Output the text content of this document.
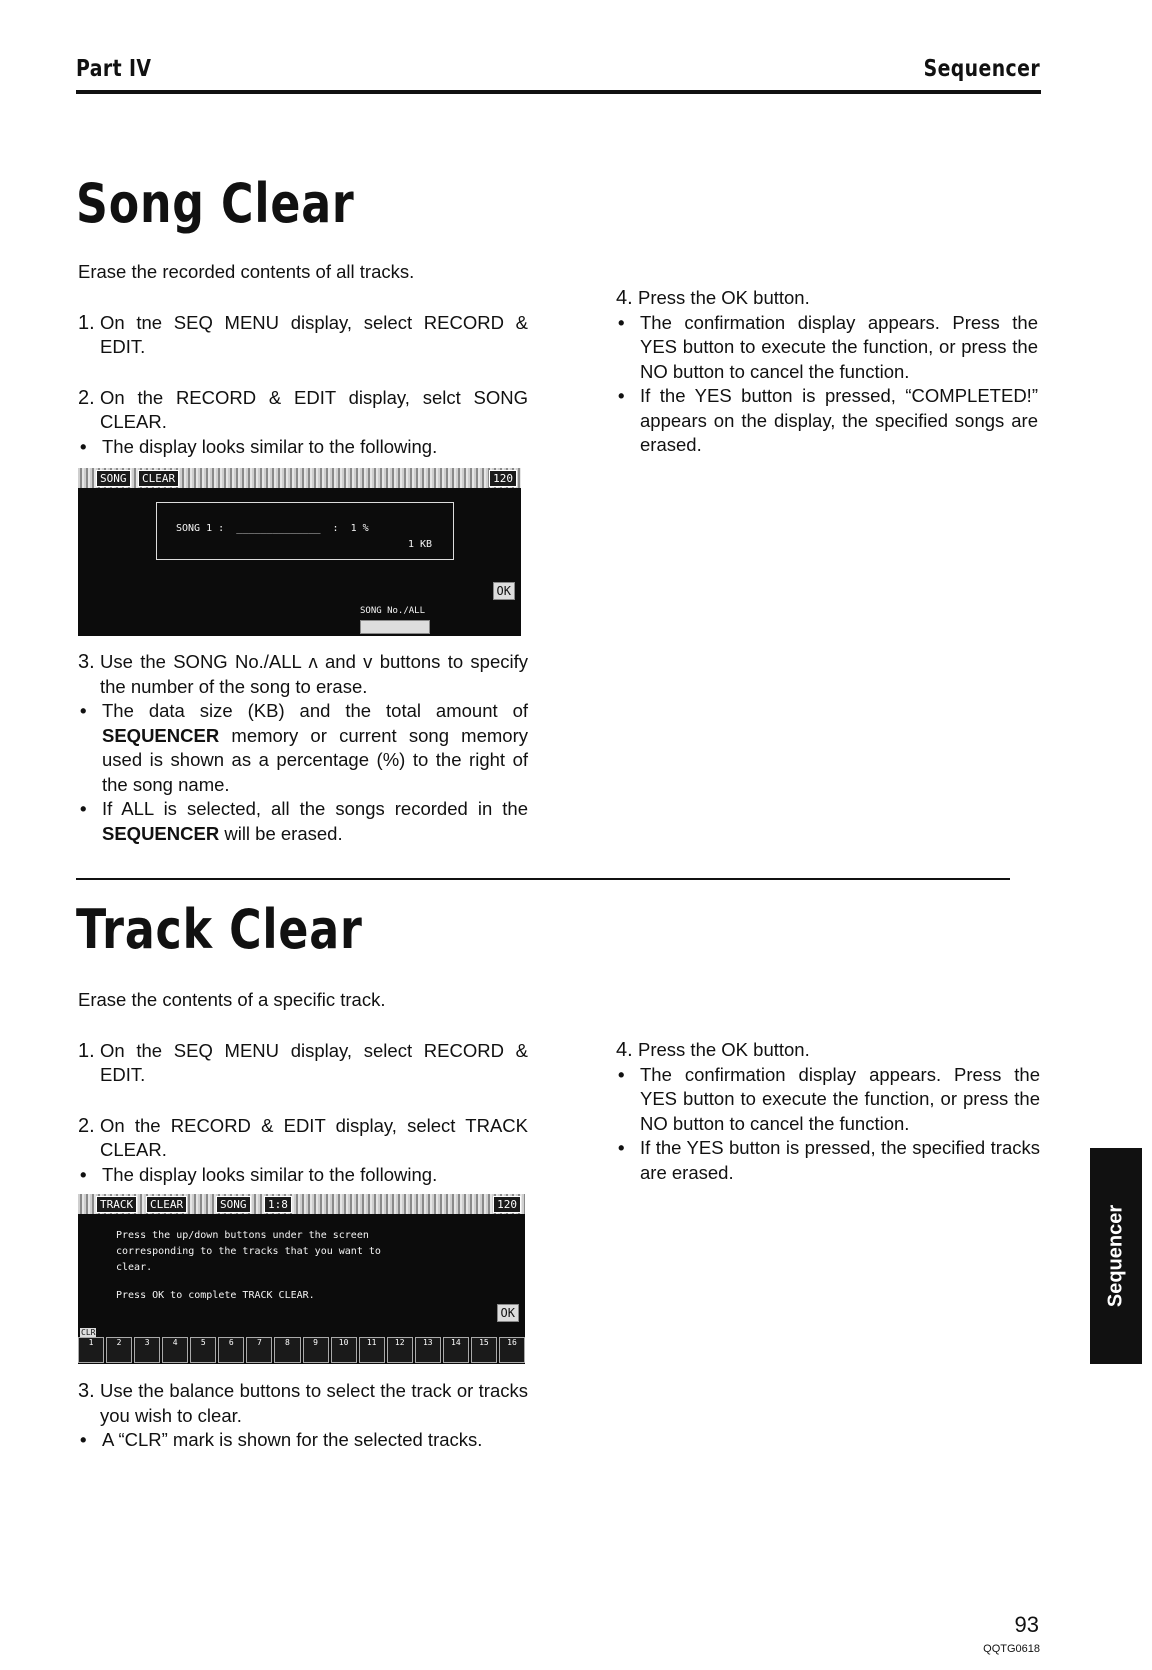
Part IV	Sequencer
Song Clear
Erase the recorded contents of all tracks.
1. On tne SEQ MENU display, select RECORD & EDIT.
2. On the RECORD & EDIT display, selct SONG CLEAR.
• The display looks similar to the following.
SONG	CLEAR	120
SONG 1 :  ______________  :  1 %
1 KB
OK
SONG No./ALL
3. Use the SONG No./ALL ʌ and v buttons to specify the number of the song to erase.
• The data size (KB) and the total amount of SEQUENCER memory or current song memory used is shown as a percentage (%) to the right of the song name.
• If ALL is selected, all the songs recorded in the SEQUENCER will be erased.
4. Press the OK button.
• The confirmation display appears. Press the YES button to execute the function, or press the NO button to cancel the function.
• If the YES button is pressed, “COMPLETED!” appears on the display, the specified songs are erased.
Track Clear
Erase the contents of a specific track.
1. On the SEQ MENU display, select RECORD & EDIT.
2. On the RECORD & EDIT display, select TRACK CLEAR.
• The display looks similar to the following.
TRACK	CLEAR	SONG	1:8	120
Press the up/down buttons under the screen
corresponding to the tracks that you want to
clear.
Press OK to complete TRACK CLEAR.
OK
CLR
1	2	3	4	5	6	7	8	9	10	11	12	13	14	15	16
3. Use the balance buttons to select the track or tracks you wish to clear.
• A “CLR” mark is shown for the selected tracks.
4. Press the OK button.
• The confirmation display appears. Press the YES button to execute the function, or press the NO button to cancel the function.
• If the YES button is pressed, the specified tracks are erased.
Sequencer
93
QQTG0618
